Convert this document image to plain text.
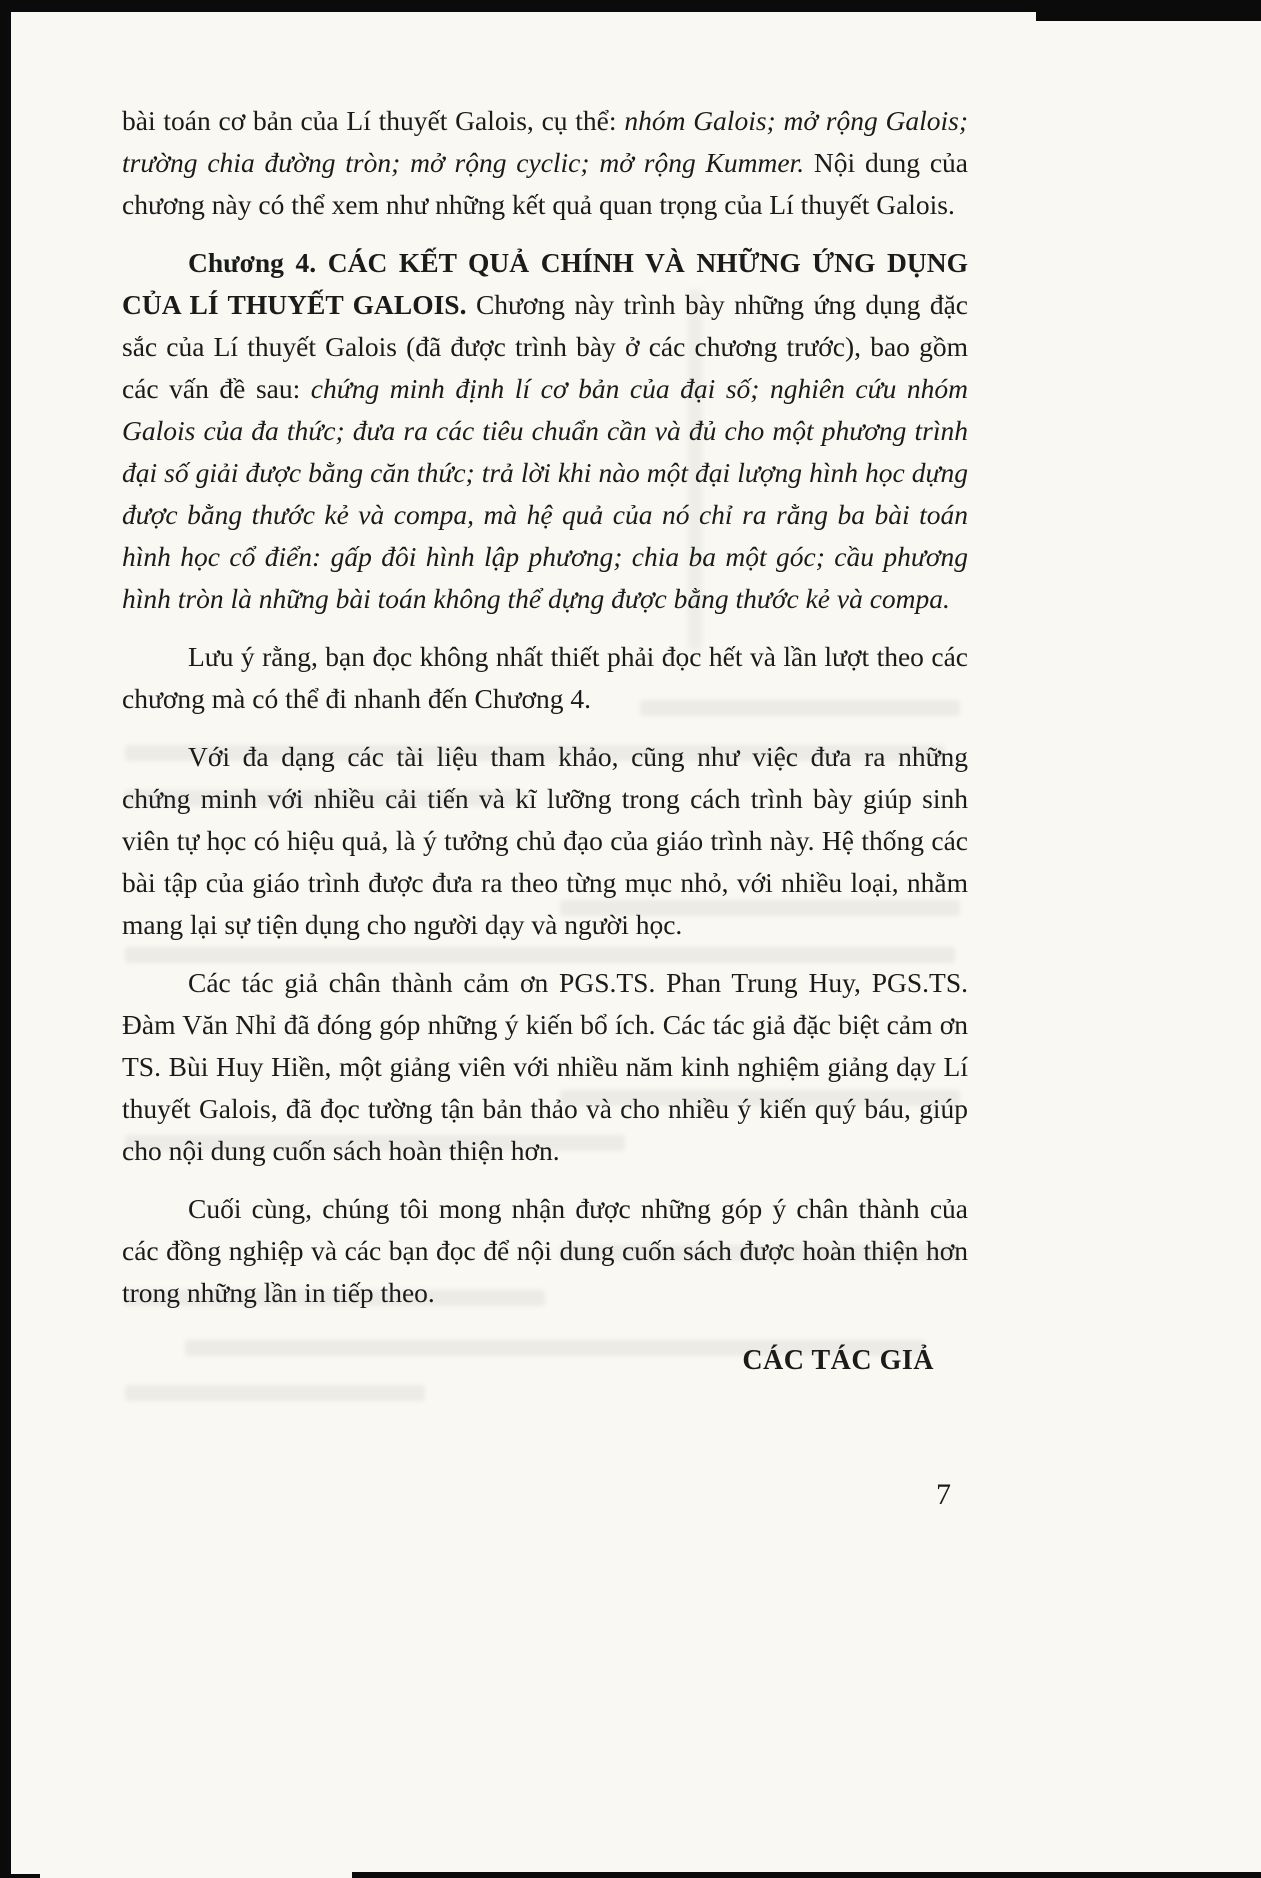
bài toán cơ bản của Lí thuyết Galois, cụ thể: nhóm Galois; mở rộng Galois; trường chia đường tròn; mở rộng cyclic; mở rộng Kummer. Nội dung của chương này có thể xem như những kết quả quan trọng của Lí thuyết Galois.

Chương 4. CÁC KẾT QUẢ CHÍNH VÀ NHỮNG ỨNG DỤNG CỦA LÍ THUYẾT GALOIS. Chương này trình bày những ứng dụng đặc sắc của Lí thuyết Galois (đã được trình bày ở các chương trước), bao gồm các vấn đề sau: chứng minh định lí cơ bản của đại số; nghiên cứu nhóm Galois của đa thức; đưa ra các tiêu chuẩn cần và đủ cho một phương trình đại số giải được bằng căn thức; trả lời khi nào một đại lượng hình học dựng được bằng thước kẻ và compa, mà hệ quả của nó chỉ ra rằng ba bài toán hình học cổ điển: gấp đôi hình lập phương; chia ba một góc; cầu phương hình tròn là những bài toán không thể dựng được bằng thước kẻ và compa.

Lưu ý rằng, bạn đọc không nhất thiết phải đọc hết và lần lượt theo các chương mà có thể đi nhanh đến Chương 4.

Với đa dạng các tài liệu tham khảo, cũng như việc đưa ra những chứng minh với nhiều cải tiến và kĩ lưỡng trong cách trình bày giúp sinh viên tự học có hiệu quả, là ý tưởng chủ đạo của giáo trình này. Hệ thống các bài tập của giáo trình được đưa ra theo từng mục nhỏ, với nhiều loại, nhằm mang lại sự tiện dụng cho người dạy và người học.

Các tác giả chân thành cảm ơn PGS.TS. Phan Trung Huy, PGS.TS. Đàm Văn Nhỉ đã đóng góp những ý kiến bổ ích. Các tác giả đặc biệt cảm ơn TS. Bùi Huy Hiền, một giảng viên với nhiều năm kinh nghiệm giảng dạy Lí thuyết Galois, đã đọc tường tận bản thảo và cho nhiều ý kiến quý báu, giúp cho nội dung cuốn sách hoàn thiện hơn.

Cuối cùng, chúng tôi mong nhận được những góp ý chân thành của các đồng nghiệp và các bạn đọc để nội dung cuốn sách được hoàn thiện hơn trong những lần in tiếp theo.

CÁC TÁC GIẢ
7
